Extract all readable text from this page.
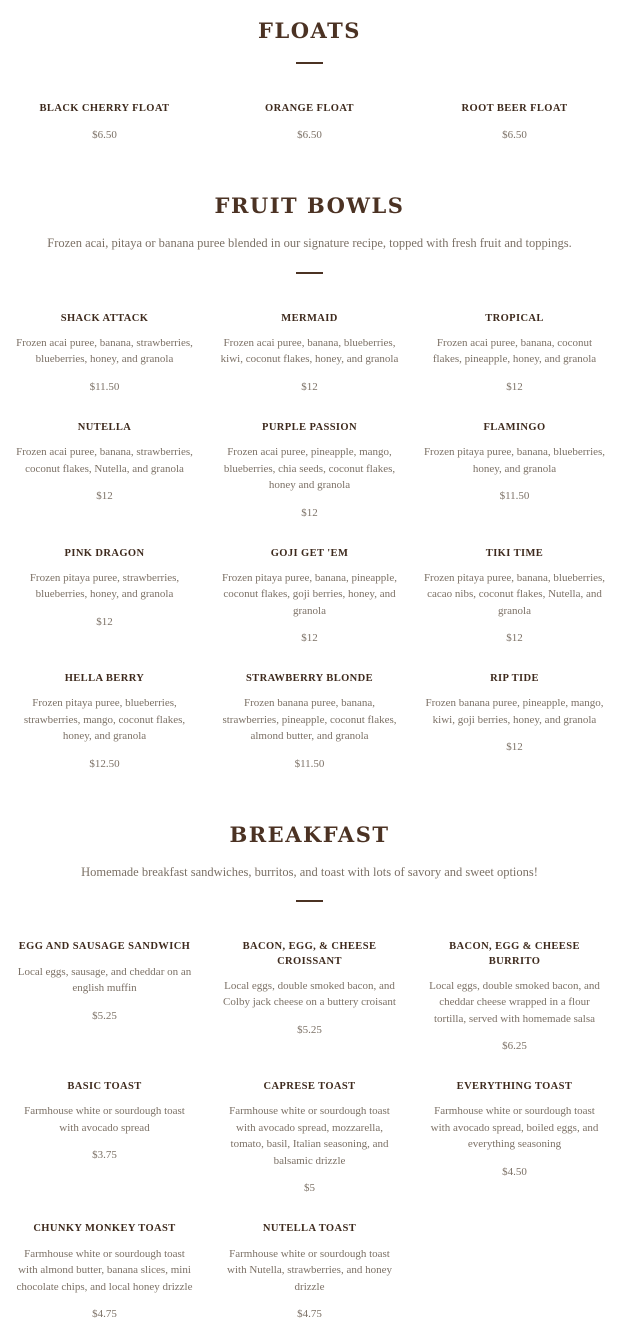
FLOATS
BLACK CHERRY FLOAT

$6.50

ORANGE FLOAT

$6.50

ROOT BEER FLOAT

$6.50

FRUIT BOWLS

Frozen acai, pitaya or banana puree blended in our signature recipe, topped with fresh fruit and toppings.

SHACK ATTACK

Frozen acai puree, banana, strawberries, blueberries, honey, and granola

$11.50

MERMAID

Frozen acai puree, banana, blueberries, kiwi, coconut flakes, honey, and granola

$12

TROPICAL

Frozen acai puree, banana, coconut flakes, pineapple, honey, and granola

$12

NUTELLA

Frozen acai puree, banana, strawberries, coconut flakes, Nutella, and granola

$12

PURPLE PASSION

Frozen acai puree, pineapple, mango, blueberries, chia seeds, coconut flakes, honey and granola

$12

FLAMINGO

Frozen pitaya puree, banana, blueberries, honey, and granola

$11.50

PINK DRAGON

Frozen pitaya puree, strawberries, blueberries, honey, and granola

$12

GOJI GET 'EM

Frozen pitaya puree, banana, pineapple, coconut flakes, goji berries, honey, and granola

$12

TIKI TIME

Frozen pitaya puree, banana, blueberries, cacao nibs, coconut flakes, Nutella, and granola

$12

HELLA BERRY

Frozen pitaya puree, blueberries, strawberries, mango, coconut flakes, honey, and granola

$12.50

STRAWBERRY BLONDE

Frozen banana puree, banana, strawberries, pineapple, coconut flakes, almond butter, and granola

$11.50

RIP TIDE

Frozen banana puree, pineapple, mango, kiwi, goji berries, honey, and granola

$12

BREAKFAST

Homemade breakfast sandwiches, burritos, and toast with lots of savory and sweet options!

EGG AND SAUSAGE SANDWICH

Local eggs, sausage, and cheddar on an english muffin

$5.25

BACON, EGG, & CHEESE CROISSANT

Local eggs, double smoked bacon, and Colby jack cheese on a buttery croisant

$5.25

BACON, EGG & CHEESE BURRITO

Local eggs, double smoked bacon, and cheddar cheese wrapped in a flour tortilla, served with homemade salsa

$6.25

BASIC TOAST

Farmhouse white or sourdough toast with avocado spread

$3.75

CAPRESE TOAST

Farmhouse white or sourdough toast with avocado spread, mozzarella, tomato, basil, Italian seasoning, and balsamic drizzle

$5

EVERYTHING TOAST

Farmhouse white or sourdough toast with avocado spread, boiled eggs, and everything seasoning

$4.50

CHUNKY MONKEY TOAST

Farmhouse white or sourdough toast with almond butter, banana slices, mini chocolate chips, and local honey drizzle

$4.75

NUTELLA TOAST

Farmhouse white or sourdough toast with Nutella, strawberries, and honey drizzle

$4.75
